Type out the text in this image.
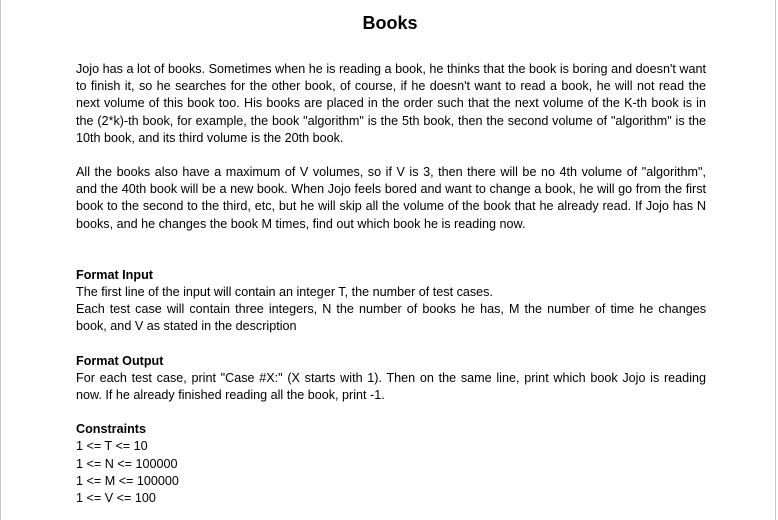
Books

Jojo has a lot of books. Sometimes when he is reading a book, he thinks that the book is boring and doesn't want to finish it, so he searches for the other book, of course, if he doesn't want to read a book, he will not read the next volume of this book too. His books are placed in the order such that the next volume of the K-th book is in the (2*k)-th book, for example, the book "algorithm" is the 5th book, then the second volume of "algorithm" is the 10th book, and its third volume is the 20th book.

All the books also have a maximum of V volumes, so if V is 3, then there will be no 4th volume of "algorithm", and the 40th book will be a new book. When Jojo feels bored and want to change a book, he will go from the first book to the second to the third, etc, but he will skip all the volume of the book that he already read. If Jojo has N books, and he changes the book M times, find out which book he is reading now.

Format Input

The first line of the input will contain an integer T, the number of test cases.

Each test case will contain three integers, N the number of books he has, M the number of time he changes book, and V as stated in the description

Format Output

For each test case, print "Case #X:" (X starts with 1). Then on the same line, print which book Jojo is reading now. If he already finished reading all the book, print -1.

Constraints

1 <= T <= 10
1 <= N <= 100000
1 <= M <= 100000
1 <= V <= 100
